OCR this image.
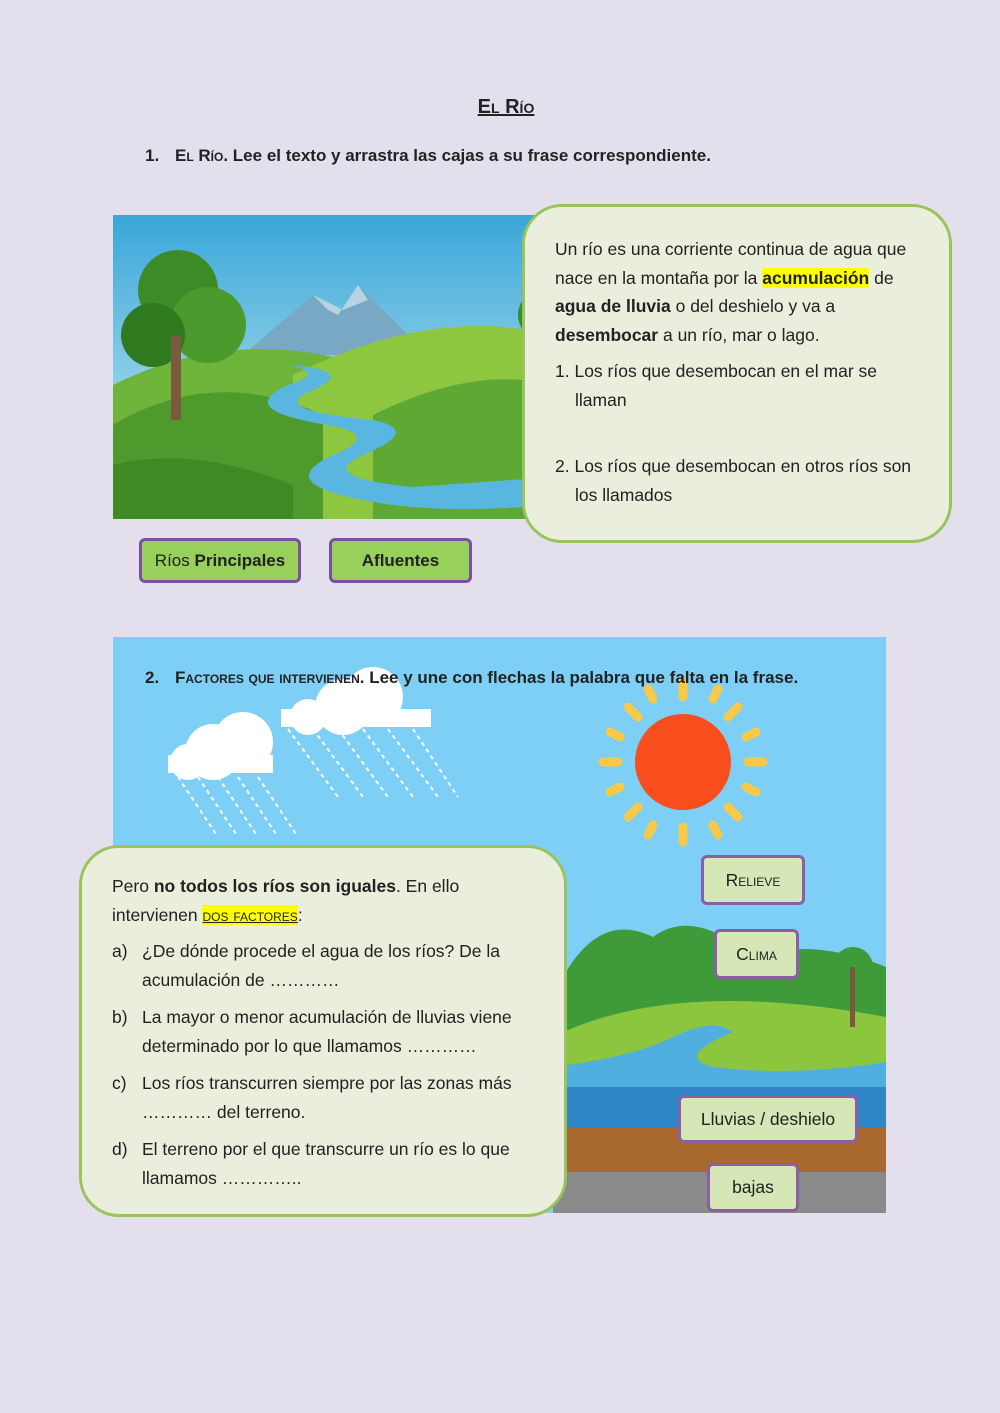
El Río
1. El Río. Lee el texto y arrastra las cajas a su frase correspondiente.
Un río es una corriente continua de agua que nace en la montaña por la acumulación de agua de lluvia o del deshielo y va a desembocar a un río, mar o lago.
1. Los ríos que desembocan en el mar se llaman
2. Los ríos que desembocan en otros ríos son los llamados
Ríos Principales	Afluentes
2. Factores que intervienen. Lee y une con flechas la palabra que falta en la frase.
Pero no todos los ríos son iguales. En ello intervienen dos factores:
a) ¿De dónde procede el agua de los ríos? De la acumulación de …………
b) La mayor o menor acumulación de lluvias viene determinado por lo que llamamos …………
c) Los ríos transcurren siempre por las zonas más ………… del terreno.
d) El terreno por el que transcurre un río es lo que llamamos …………..
Relieve
Clima
Lluvias / deshielo
bajas
